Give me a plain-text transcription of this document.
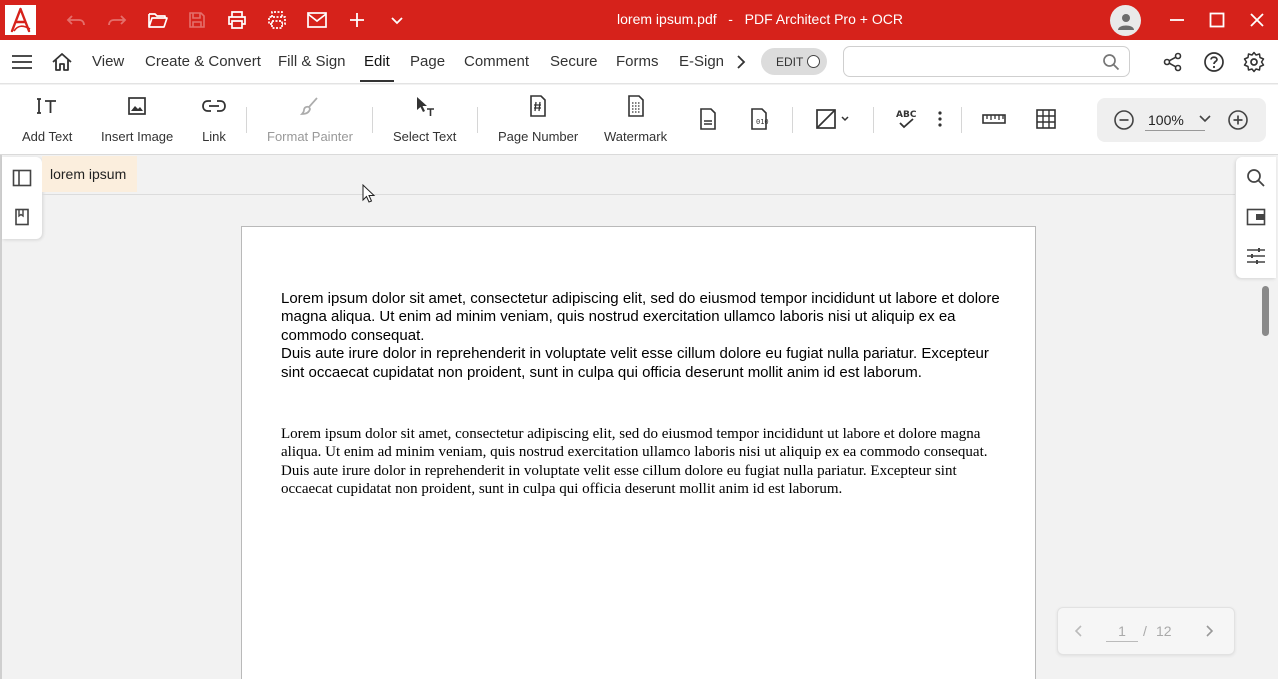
lorem ipsum.pdf   -   PDF Architect Pro + OCR
View Create & Convert Fill & Sign Edit Page Comment Secure Forms E-Sign	EDIT
Add Text Insert Image Link	Format Painter	Select Text	Page Number Watermark
010
ABC	100%
lorem ipsum
Lorem ipsum dolor sit amet, consectetur adipiscing elit, sed do eiusmod tempor incididunt ut labore et dolore magna aliqua. Ut enim ad minim veniam, quis nostrud exercitation ullamco laboris nisi ut aliquip ex ea commodo consequat.
Duis aute irure dolor in reprehenderit in voluptate velit esse cillum dolore eu fugiat nulla pariatur. Excepteur sint occaecat cupidatat non proident, sunt in culpa qui officia deserunt mollit anim id est laborum.
Lorem ipsum dolor sit amet, consectetur adipiscing elit, sed do eiusmod tempor incididunt ut labore et dolore magna aliqua. Ut enim ad minim veniam, quis nostrud exercitation ullamco laboris nisi ut aliquip ex ea commodo consequat. Duis aute irure dolor in reprehenderit in voluptate velit esse cillum dolore eu fugiat nulla pariatur. Excepteur sint occaecat cupidatat non proident, sunt in culpa qui officia deserunt mollit anim id est laborum.
1	/ 12
